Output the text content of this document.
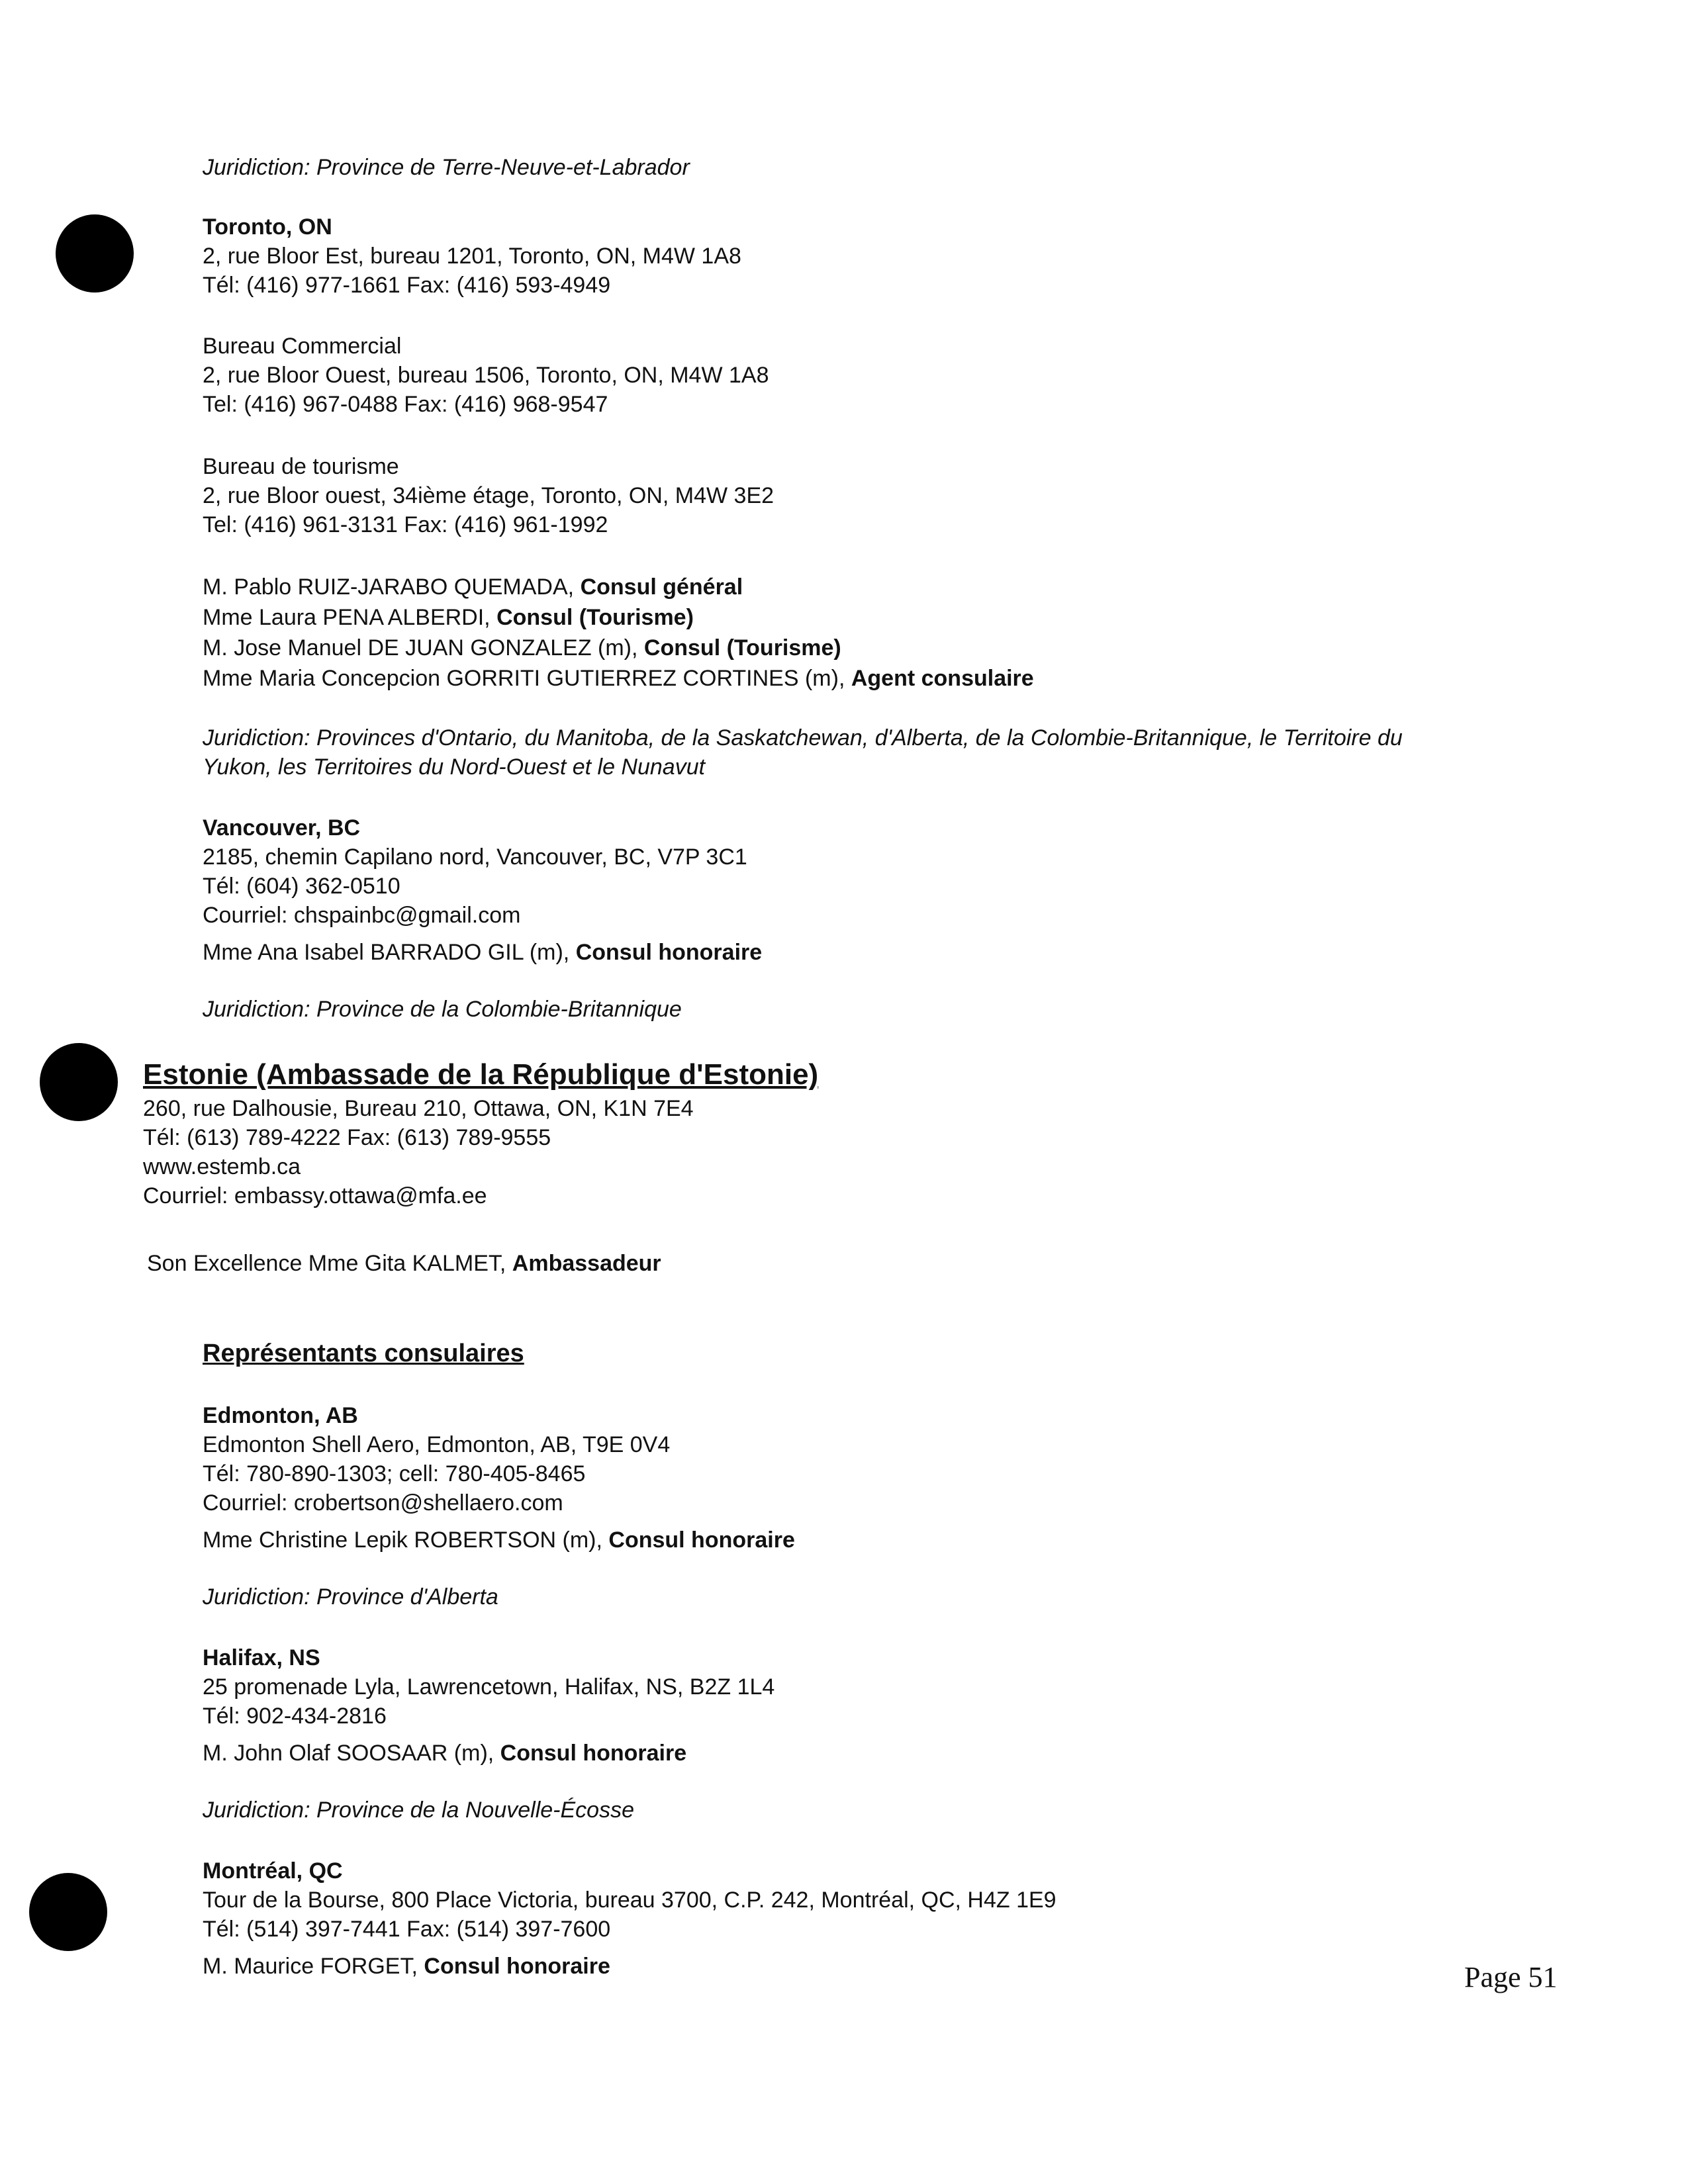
Juridiction: Province de Terre-Neuve-et-Labrador
Toronto, ON
2, rue Bloor Est, bureau 1201, Toronto, ON, M4W 1A8
Tél: (416) 977-1661 Fax: (416) 593-4949
Bureau Commercial
2, rue Bloor Ouest, bureau 1506, Toronto, ON, M4W 1A8
Tel: (416) 967-0488 Fax: (416) 968-9547
Bureau de tourisme
2, rue Bloor ouest, 34ième étage, Toronto, ON, M4W 3E2
Tel: (416) 961-3131 Fax: (416) 961-1992
M. Pablo RUIZ-JARABO QUEMADA, Consul général
Mme Laura PENA ALBERDI, Consul (Tourisme)
M. Jose Manuel DE JUAN GONZALEZ (m), Consul (Tourisme)
Mme Maria Concepcion GORRITI GUTIERREZ CORTINES (m), Agent consulaire
Juridiction: Provinces d'Ontario, du Manitoba, de la Saskatchewan, d'Alberta, de la Colombie-Britannique, le Territoire du
Yukon, les Territoires du Nord-Ouest et le Nunavut
Vancouver, BC
2185, chemin Capilano nord, Vancouver, BC, V7P 3C1
Tél: (604) 362-0510
Courriel: chspainbc@gmail.com
Mme Ana Isabel BARRADO GIL (m), Consul honoraire
Juridiction: Province de la Colombie-Britannique
Estonie (Ambassade de la République d'Estonie)
260, rue Dalhousie, Bureau 210, Ottawa, ON, K1N 7E4
Tél: (613) 789-4222 Fax: (613) 789-9555
www.estemb.ca
Courriel: embassy.ottawa@mfa.ee
Son Excellence Mme Gita KALMET, Ambassadeur
Représentants consulaires
Edmonton, AB
Edmonton Shell Aero, Edmonton, AB, T9E 0V4
Tél: 780-890-1303; cell: 780-405-8465
Courriel: crobertson@shellaero.com
Mme Christine Lepik ROBERTSON (m), Consul honoraire
Juridiction: Province d'Alberta
Halifax, NS
25 promenade Lyla, Lawrencetown, Halifax, NS, B2Z 1L4
Tél: 902-434-2816
M. John Olaf SOOSAAR (m), Consul honoraire
Juridiction: Province de la Nouvelle-Écosse
Montréal, QC
Tour de la Bourse, 800 Place Victoria, bureau 3700, C.P. 242, Montréal, QC, H4Z 1E9
Tél: (514) 397-7441 Fax: (514) 397-7600
M. Maurice FORGET, Consul honoraire	Page 51
